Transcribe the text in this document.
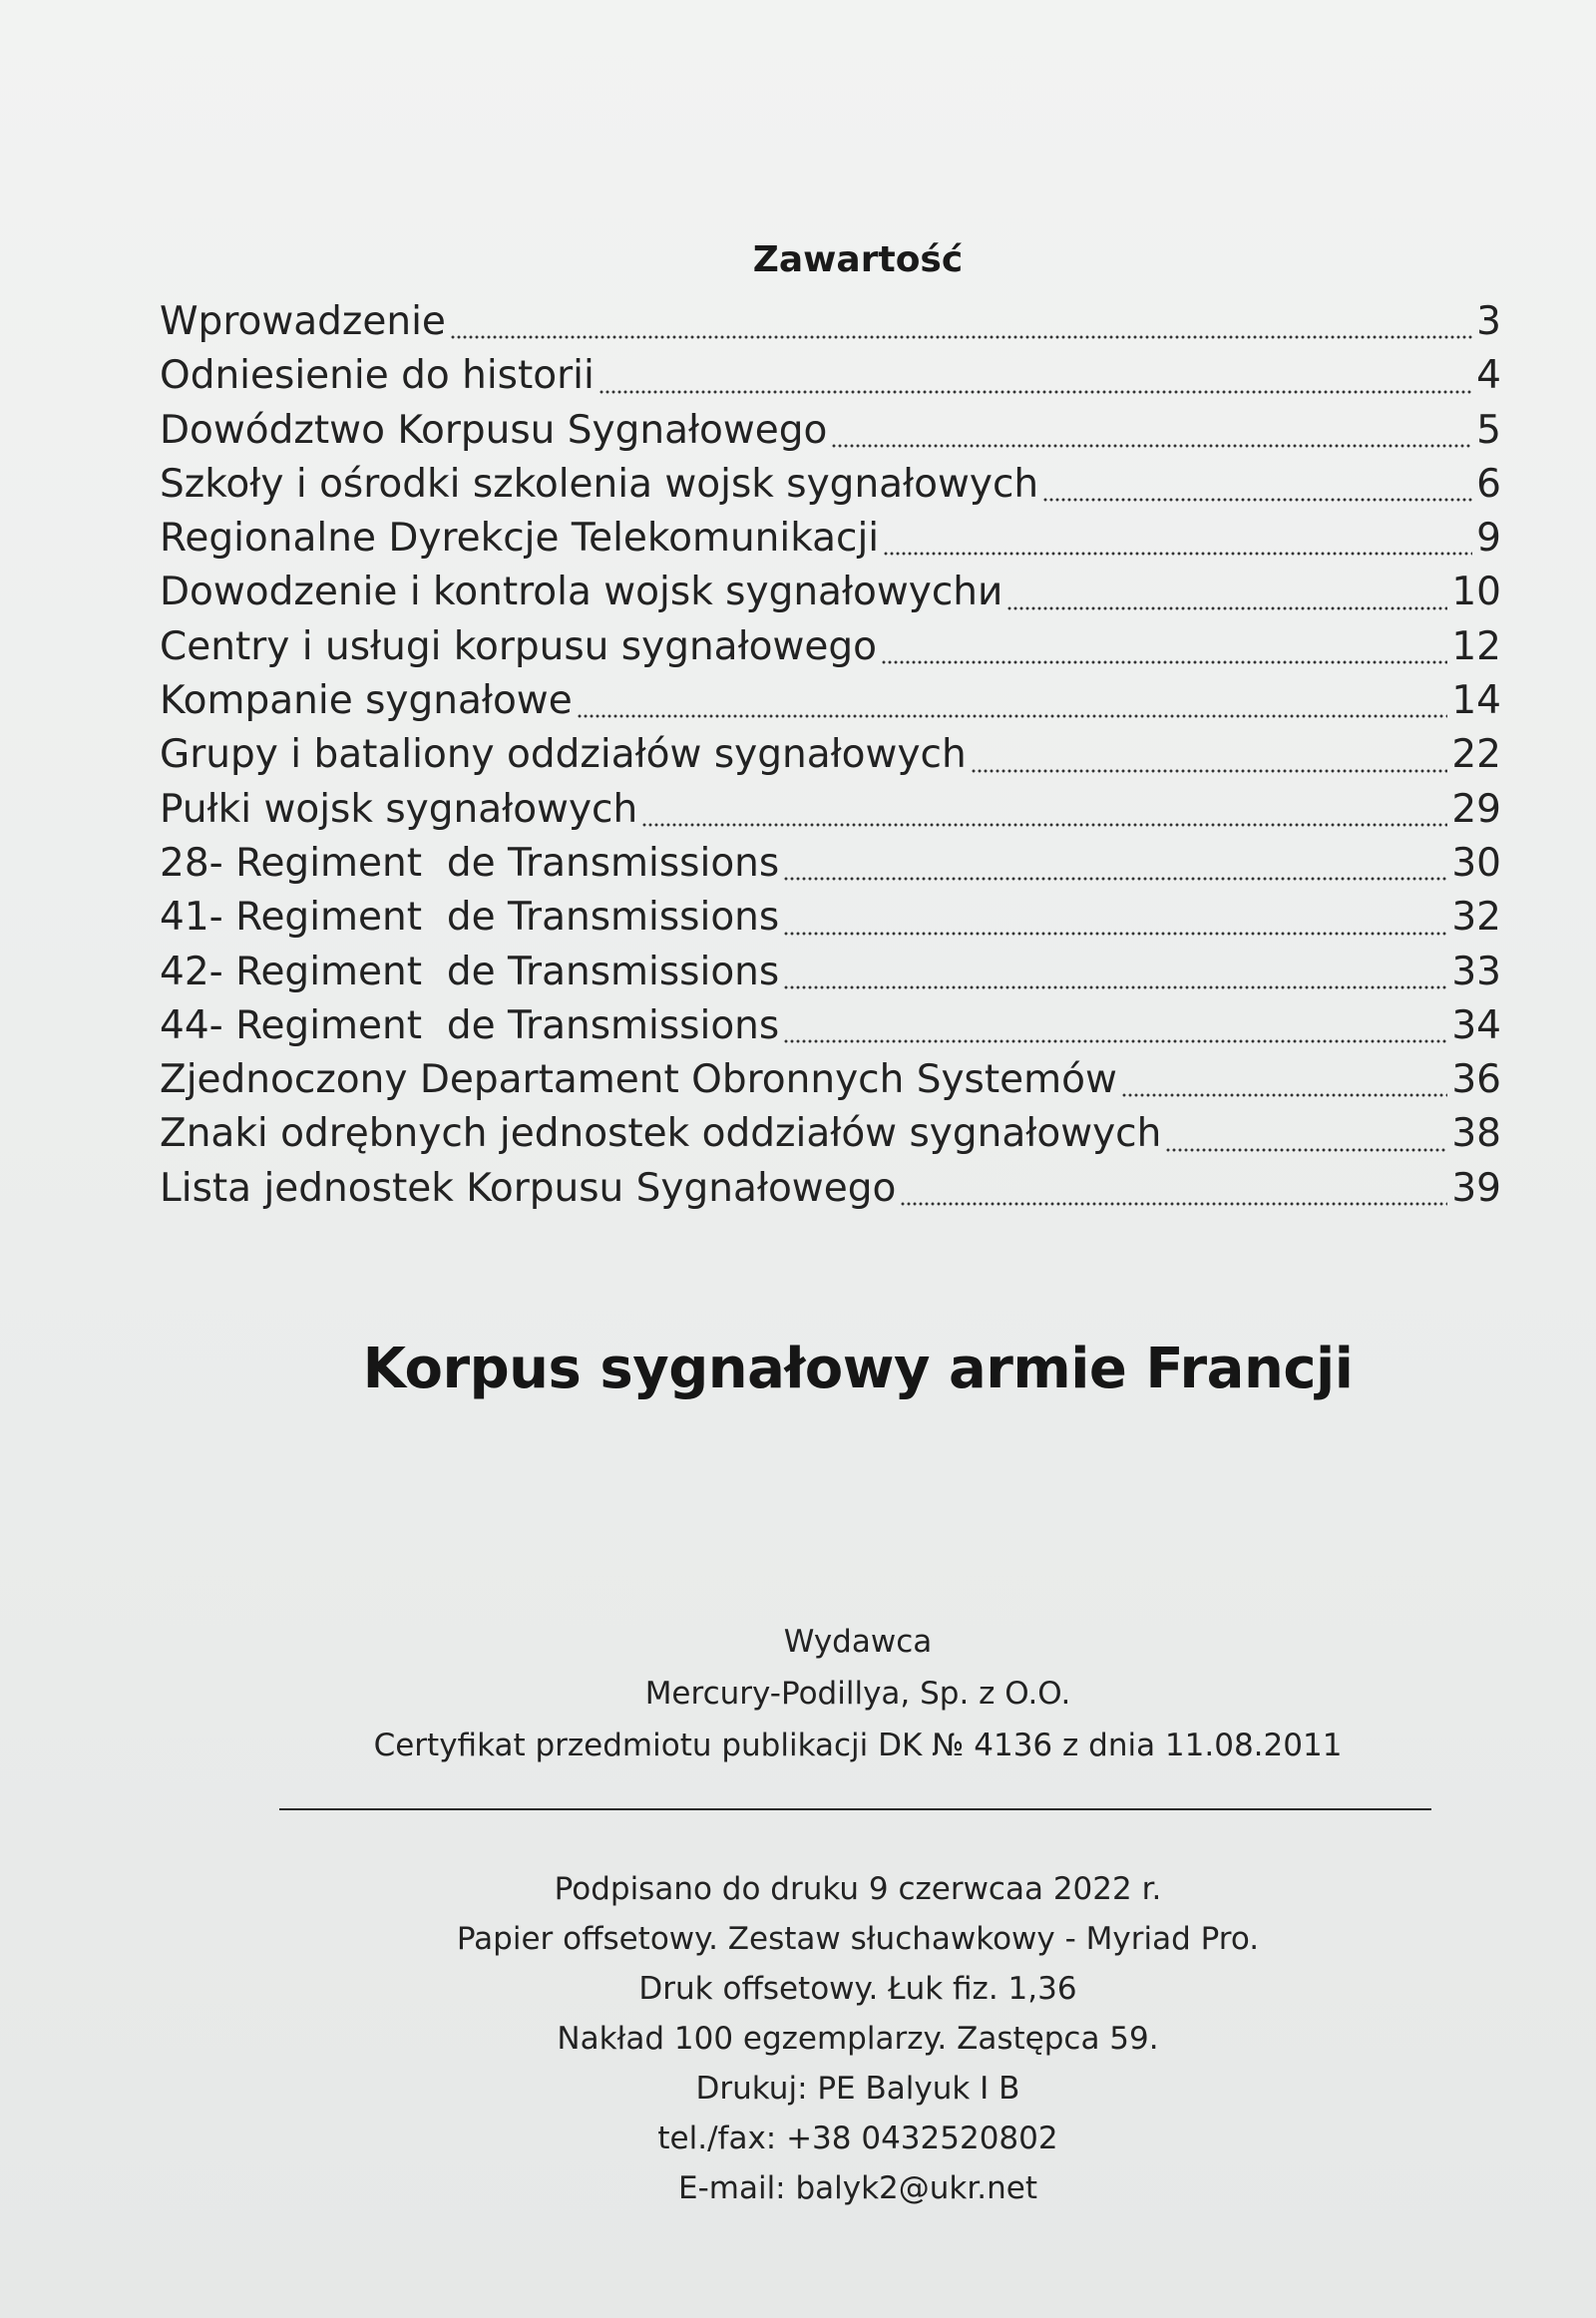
Zawartość
Wprowadzenie	3
Odniesienie do historii	4
Dowództwo Korpusu Sygnałowego	5
Szkoły i ośrodki szkolenia wojsk sygnałowych	6
Regionalne Dyrekcje Telekomunikacji	9
Dowodzenie i kontrola wojsk sygnałowychи	10
Centry i usługi korpusu sygnałowego	12
Kompanie sygnałowe	14
Grupy i bataliony oddziałów sygnałowych	22
Pułki wojsk sygnałowych	29
28- Regiment  de Transmissions	30
41- Regiment  de Transmissions	32
42- Regiment  de Transmissions	33
44- Regiment  de Transmissions	34
Zjednoczony Departament Obronnych Systemów	36
Znaki odrębnych jednostek oddziałów sygnałowych	38
Lista jednostek Korpusu Sygnałowego	39
Korpus sygnałowy armie Francji

Wydawca

Mercury-Podillya, Sp. z O.O.

Certyfikat przedmiotu publikacji DK № 4136 z dnia 11.08.2011

Podpisano do druku 9 czerwcaa 2022 r.

Papier offsetowy. Zestaw słuchawkowy - Myriad Pro.

Druk offsetowy. Łuk fiz. 1,36

Nakład 100 egzemplarzy. Zastępca 59.

Drukuj: PE Balyuk I B

tel./fax: +38 0432520802

E-mail: balyk2@ukr.net
